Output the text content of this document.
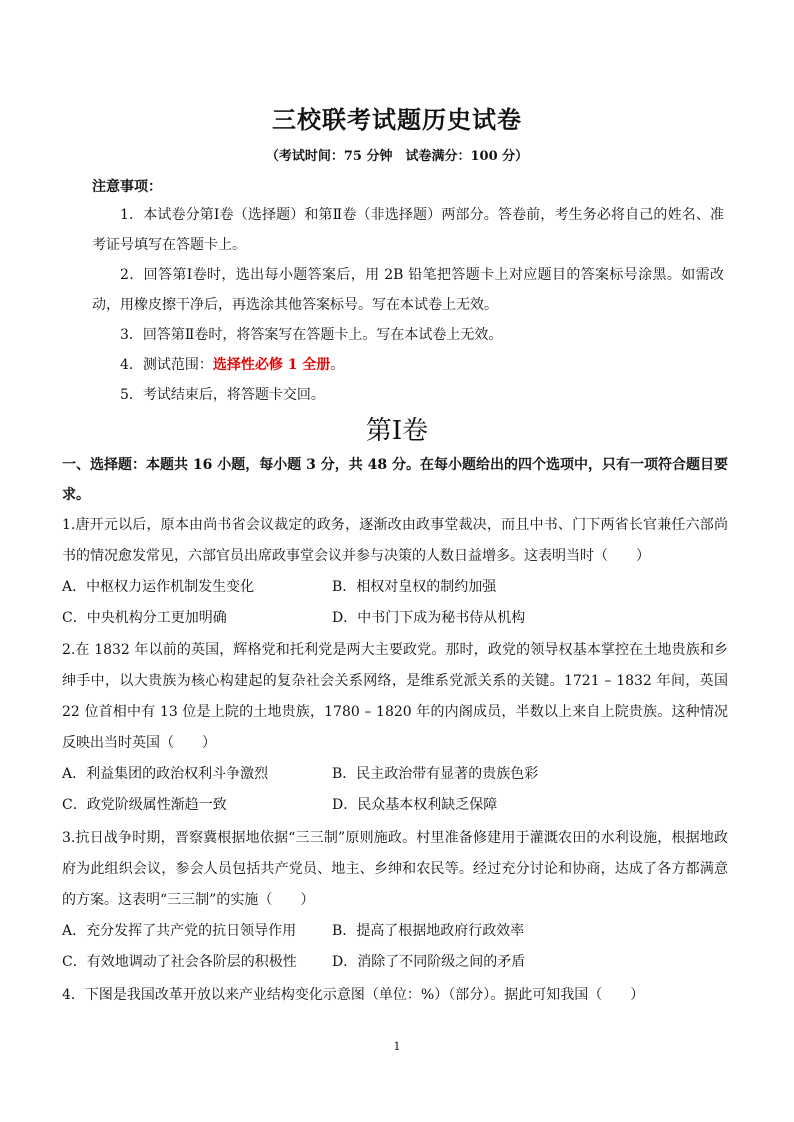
三校联考试题历史试卷
（考试时间：75 分钟　试卷满分：100 分）
注意事项：

1．本试卷分第Ⅰ卷（选择题）和第Ⅱ卷（非选择题）两部分。答卷前，考生务必将自己的姓名、准考证号填写在答题卡上。

2．回答第Ⅰ卷时，选出每小题答案后，用 2B 铅笔把答题卡上对应题目的答案标号涂黑。如需改动，用橡皮擦干净后，再选涂其他答案标号。写在本试卷上无效。

3．回答第Ⅱ卷时，将答案写在答题卡上。写在本试卷上无效。

4．测试范围：选择性必修 1 全册。

5．考试结束后，将答题卡交回。

第Ⅰ卷
一、选择题：本题共 16 小题，每小题 3 分，共 48 分。在每小题给出的四个选项中，只有一项符合题目要求。

1.唐开元以后，原本由尚书省会议裁定的政务，逐渐改由政事堂裁决，而且中书、门下两省长官兼任六部尚书的情况愈发常见，六部官员出席政事堂会议并参与决策的人数日益增多。这表明当时（　　）

A．中枢权力运作机制发生变化	B．相权对皇权的制约加强
C．中央机构分工更加明确	D．中书门下成为秘书侍从机构

2.在 1832 年以前的英国，辉格党和托利党是两大主要政党。那时，政党的领导权基本掌控在土地贵族和乡绅手中，以大贵族为核心构建起的复杂社会关系网络，是维系党派关系的关键。1721 – 1832 年间，英国 22 位首相中有 13 位是上院的土地贵族，1780 – 1820 年的内阁成员，半数以上来自上院贵族。这种情况反映出当时英国（　　）

A．利益集团的政治权利斗争激烈	B．民主政治带有显著的贵族色彩
C．政党阶级属性渐趋一致	D．民众基本权利缺乏保障

3.抗日战争时期，晋察冀根据地依据“三三制”原则施政。村里准备修建用于灌溉农田的水利设施，根据地政府为此组织会议，参会人员包括共产党员、地主、乡绅和农民等。经过充分讨论和协商，达成了各方都满意的方案。这表明“三三制”的实施（　　）

A．充分发挥了共产党的抗日领导作用	B．提高了根据地政府行政效率
C．有效地调动了社会各阶层的积极性	D．消除了不同阶级之间的矛盾

4．下图是我国改革开放以来产业结构变化示意图（单位：%）（部分）。据此可知我国（　　）

1
